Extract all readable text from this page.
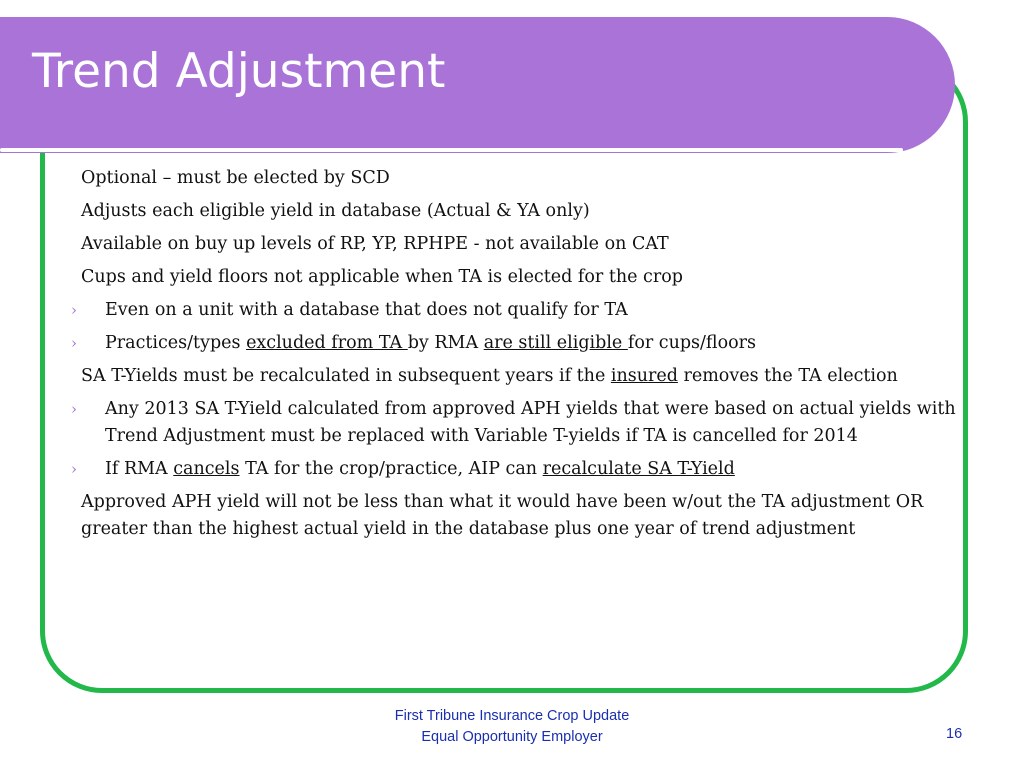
Trend Adjustment
Optional – must be elected by SCD
Adjusts each eligible yield in database (Actual & YA only)
Available on buy up levels of RP, YP, RPHPE - not available on CAT
Cups and yield floors not applicable when TA is elected for the crop
› Even on a unit with a database that does not qualify for TA
› Practices/types excluded from TA by RMA are still eligible for cups/floors
SA T-Yields must be recalculated in subsequent years if the insured removes the TA election
› Any 2013 SA T-Yield calculated from approved APH yields that were based on actual yields with Trend Adjustment must be replaced with Variable T-yields if TA is cancelled for 2014
› If RMA cancels TA for the crop/practice, AIP can recalculate SA T-Yield
Approved APH yield will not be less than what it would have been w/out the TA adjustment OR greater than the highest actual yield in the database plus one year of trend adjustment
First Tribune Insurance Crop Update
Equal Opportunity Employer	16
